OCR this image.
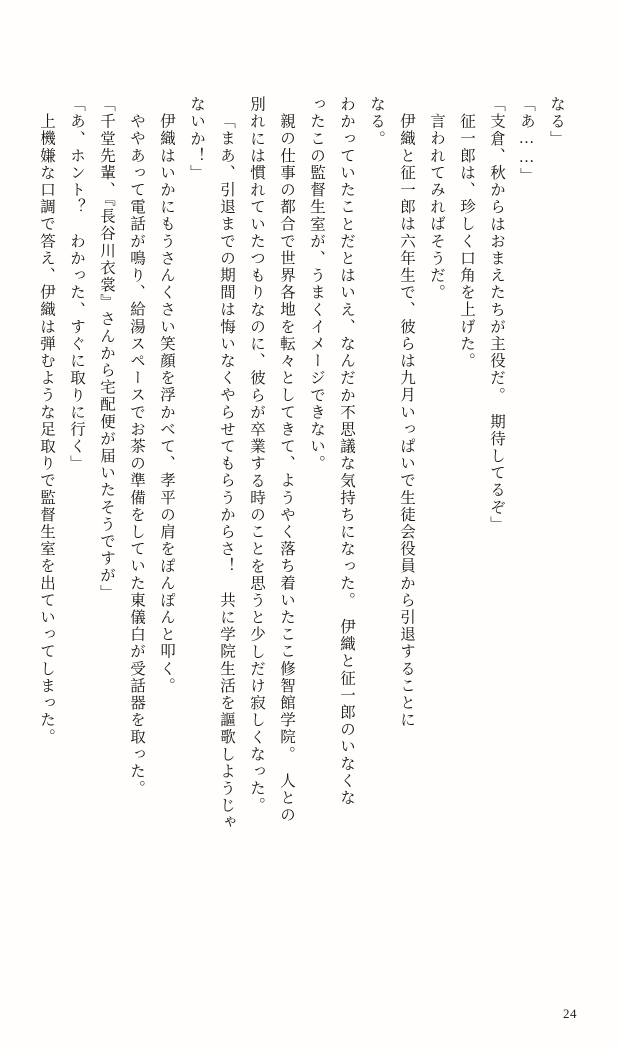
なる」
「あ……」
「支倉、秋からはおまえたちが主役だ。　期待してるぞ」
征一郎は、珍しく口角を上げた。
言われてみればそうだ。
伊織と征一郎は六年生で、彼らは九月いっぱいで生徒会役員から引退することに
なる。
わかっていたことだとはいえ、なんだか不思議な気持ちになった。　伊織と征一郎のいなくな
ったこの監督生室が、うまくイメージできない。
親の仕事の都合で世界各地を転々としてきて、ようやく落ち着いたここ修智館学院。　人との
別れには慣れていたつもりなのに、彼らが卒業する時のことを思うと少しだけ寂しくなった。
「まあ、引退までの期間は悔いなくやらせてもらうからさ！　共に学院生活を謳歌しようじゃ
ないか！」
伊織はいかにもうさんくさい笑顔を浮かべて、孝平の肩をぽんぽんと叩く。
ややあって電話が鳴り、給湯スペースでお茶の準備をしていた東儀白が受話器を取った。
「千堂先輩、『長谷川衣裳』さんから宅配便が届いたそうですが」
「あ、ホント？　わかった、すぐに取りに行く」
上機嫌な口調で答え、伊織は弾むような足取りで監督生室を出ていってしまった。
24
